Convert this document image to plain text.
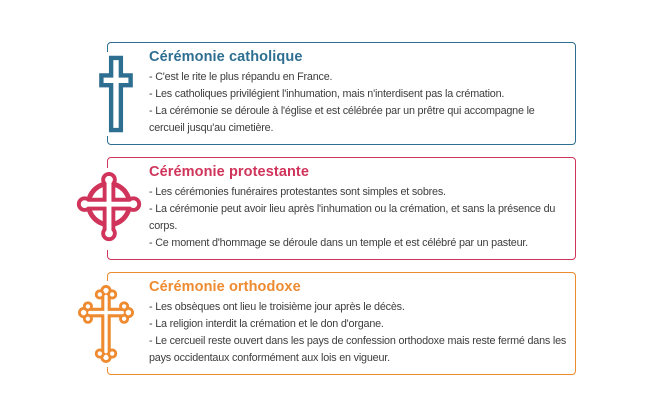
Cérémonie catholique

- C'est le rite le plus répandu en France.

- Les catholiques privilégient l'inhumation, mais n'interdisent pas la crémation.

- La cérémonie se déroule à l'église et est célébrée par un prêtre qui accompagne le cercueil jusqu'au cimetière.

Cérémonie protestante

- Les cérémonies funéraires protestantes sont simples et sobres.

- La cérémonie peut avoir lieu après l'inhumation ou la crémation, et sans la présence du corps.

- Ce moment d'hommage se déroule dans un temple et est célébré par un pasteur.

Cérémonie orthodoxe

- Les obsèques ont lieu le troisième jour après le décès.

- La religion interdit la crémation et le don d'organe.

- Le cercueil reste ouvert dans les pays de confession orthodoxe mais reste fermé dans les pays occidentaux conformément aux lois en vigueur.
